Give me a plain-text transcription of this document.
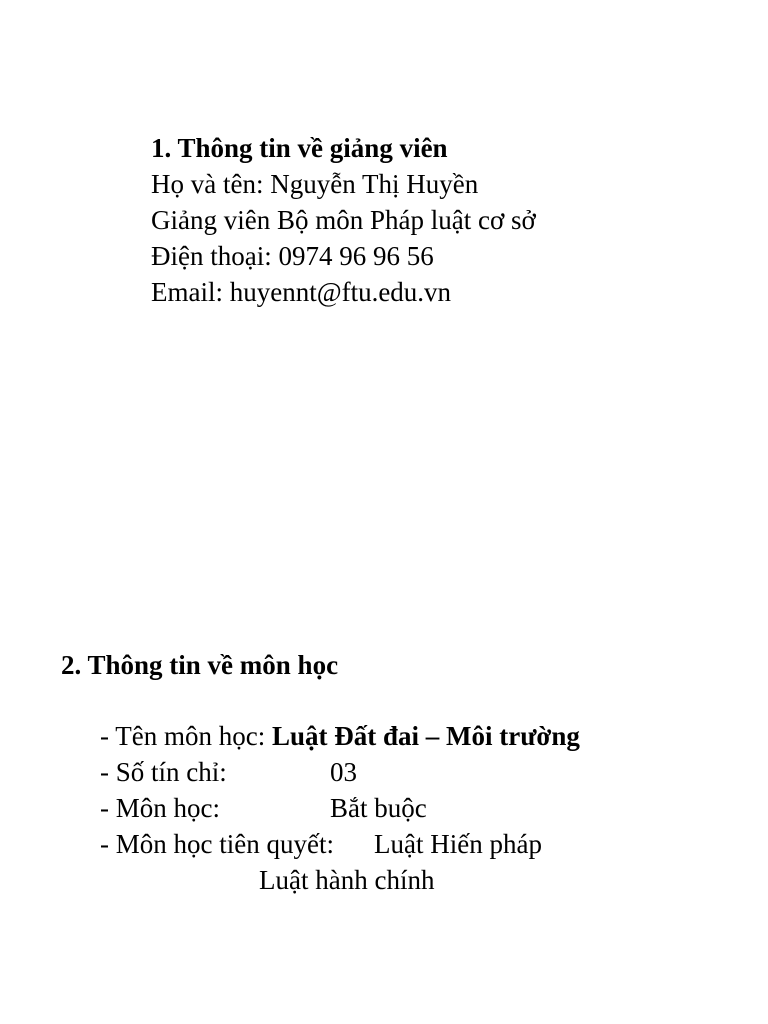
1. Thông tin về giảng viên
Họ và tên: Nguyễn Thị Huyền
Giảng viên Bộ môn Pháp luật cơ sở
Điện thoại: 0974 96 96 56
Email: huyennt@ftu.edu.vn
2. Thông tin về môn học
- Tên môn học: Luật Đất đai – Môi trường
- Số tín chỉ:	03
- Môn học:	Bắt buộc
- Môn học tiên quyết: Luật Hiến pháp
Luật hành chính
